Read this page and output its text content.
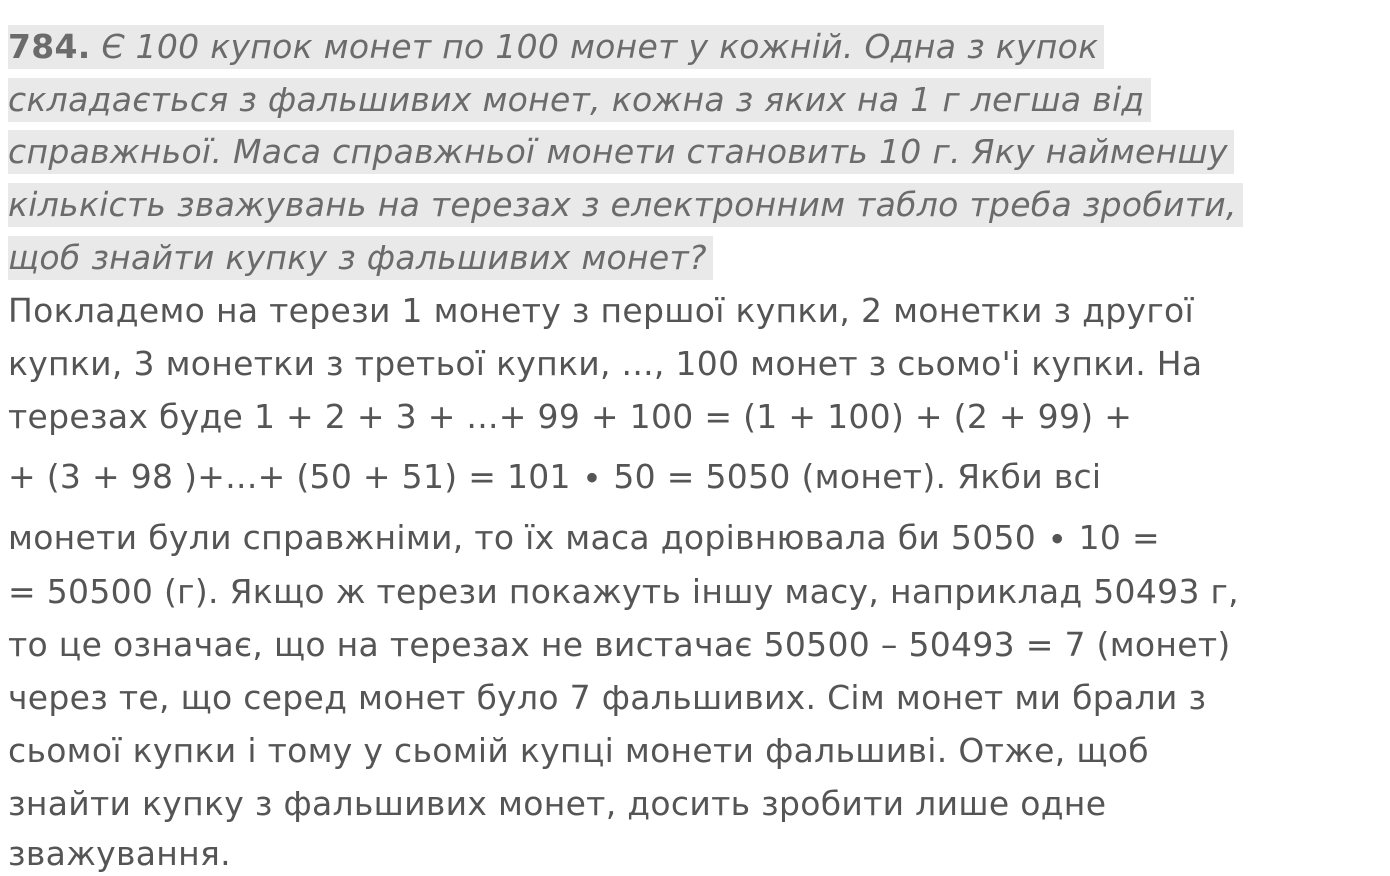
784. Є 100 купок монет по 100 монет у кожній. Одна з купок
складається з фальшивих монет, кожна з яких на 1 г легша від
справжньої. Маса справжньої монети становить 10 г. Яку найменшу
кількість зважувань на терезах з електронним табло треба зробити,
щоб знайти купку з фальшивих монет?
Покладемо на терези 1 монету з першої купки, 2 монетки з другої
купки, 3 монетки з третьої купки, ..., 100 монет з сьомо'і купки. На
терезах буде 1 + 2 + 3 + ...+ 99 + 100 = (1 + 100) + (2 + 99) +
+ (3 + 98 )+...+ (50 + 51) = 101 ∙ 50 = 5050 (монет). Якби всі
монети були справжніми, то їх маса дорівнювала би 5050 ∙ 10 =
= 50500 (г). Якщо ж терези покажуть іншу масу, наприклад 50493 г,
то це означає, що на терезах не вистачає 50500 – 50493 = 7 (монет)
через те, що серед монет було 7 фальшивих. Сім монет ми брали з
сьомої купки і тому у сьомій купці монети фальшиві. Отже, щоб
знайти купку з фальшивих монет, досить зробити лише одне
зважування.
